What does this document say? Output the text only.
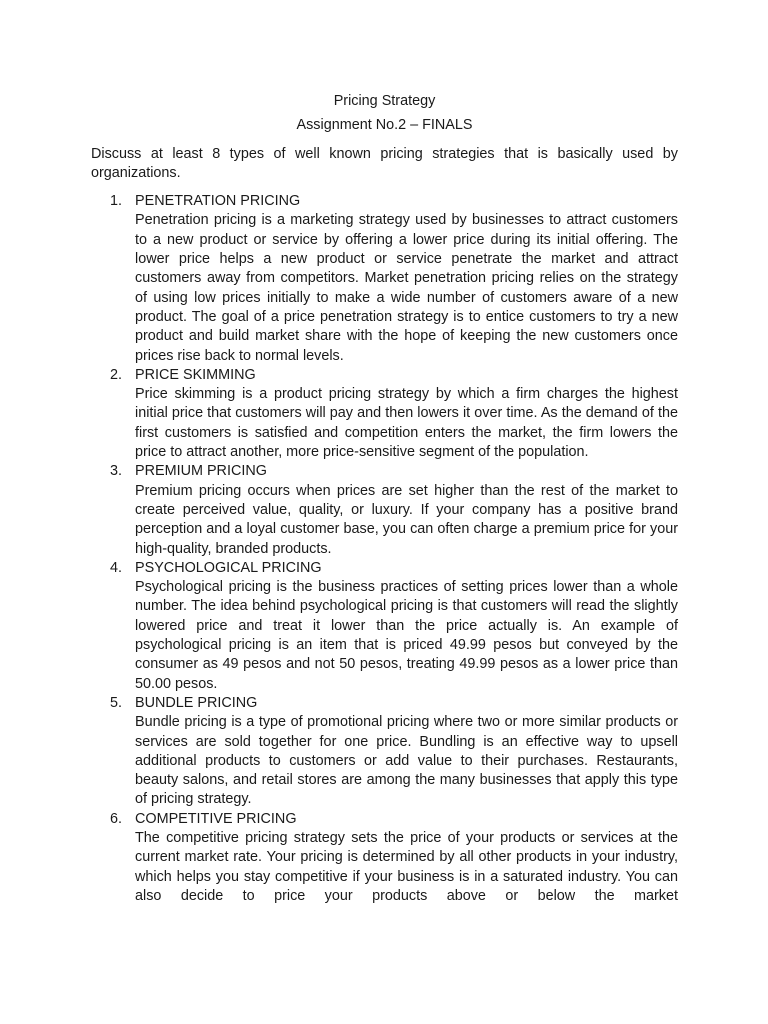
Pricing Strategy

Assignment No.2 – FINALS

Discuss at least 8 types of well known pricing strategies that is basically used by organizations.

1. PENETRATION PRICING
Penetration pricing is a marketing strategy used by businesses to attract customers to a new product or service by offering a lower price during its initial offering. The lower price helps a new product or service penetrate the market and attract customers away from competitors. Market penetration pricing relies on the strategy of using low prices initially to make a wide number of customers aware of a new product. The goal of a price penetration strategy is to entice customers to try a new product and build market share with the hope of keeping the new customers once prices rise back to normal levels.
2. PRICE SKIMMING
Price skimming is a product pricing strategy by which a firm charges the highest initial price that customers will pay and then lowers it over time. As the demand of the first customers is satisfied and competition enters the market, the firm lowers the price to attract another, more price-sensitive segment of the population.
3. PREMIUM PRICING
Premium pricing occurs when prices are set higher than the rest of the market to create perceived value, quality, or luxury. If your company has a positive brand perception and a loyal customer base, you can often charge a premium price for your high-quality, branded products.
4. PSYCHOLOGICAL PRICING
Psychological pricing is the business practices of setting prices lower than a whole number. The idea behind psychological pricing is that customers will read the slightly lowered price and treat it lower than the price actually is. An example of psychological pricing is an item that is priced 49.99 pesos but conveyed by the consumer as 49 pesos and not 50 pesos, treating 49.99 pesos as a lower price than 50.00 pesos.
5. BUNDLE PRICING
Bundle pricing is a type of promotional pricing where two or more similar products or services are sold together for one price. Bundling is an effective way to upsell additional products to customers or add value to their purchases. Restaurants, beauty salons, and retail stores are among the many businesses that apply this type of pricing strategy.
6. COMPETITIVE PRICING
The competitive pricing strategy sets the price of your products or services at the current market rate. Your pricing is determined by all other products in your industry, which helps you stay competitive if your business is in a saturated industry. You can also decide to price your products above or below the market
